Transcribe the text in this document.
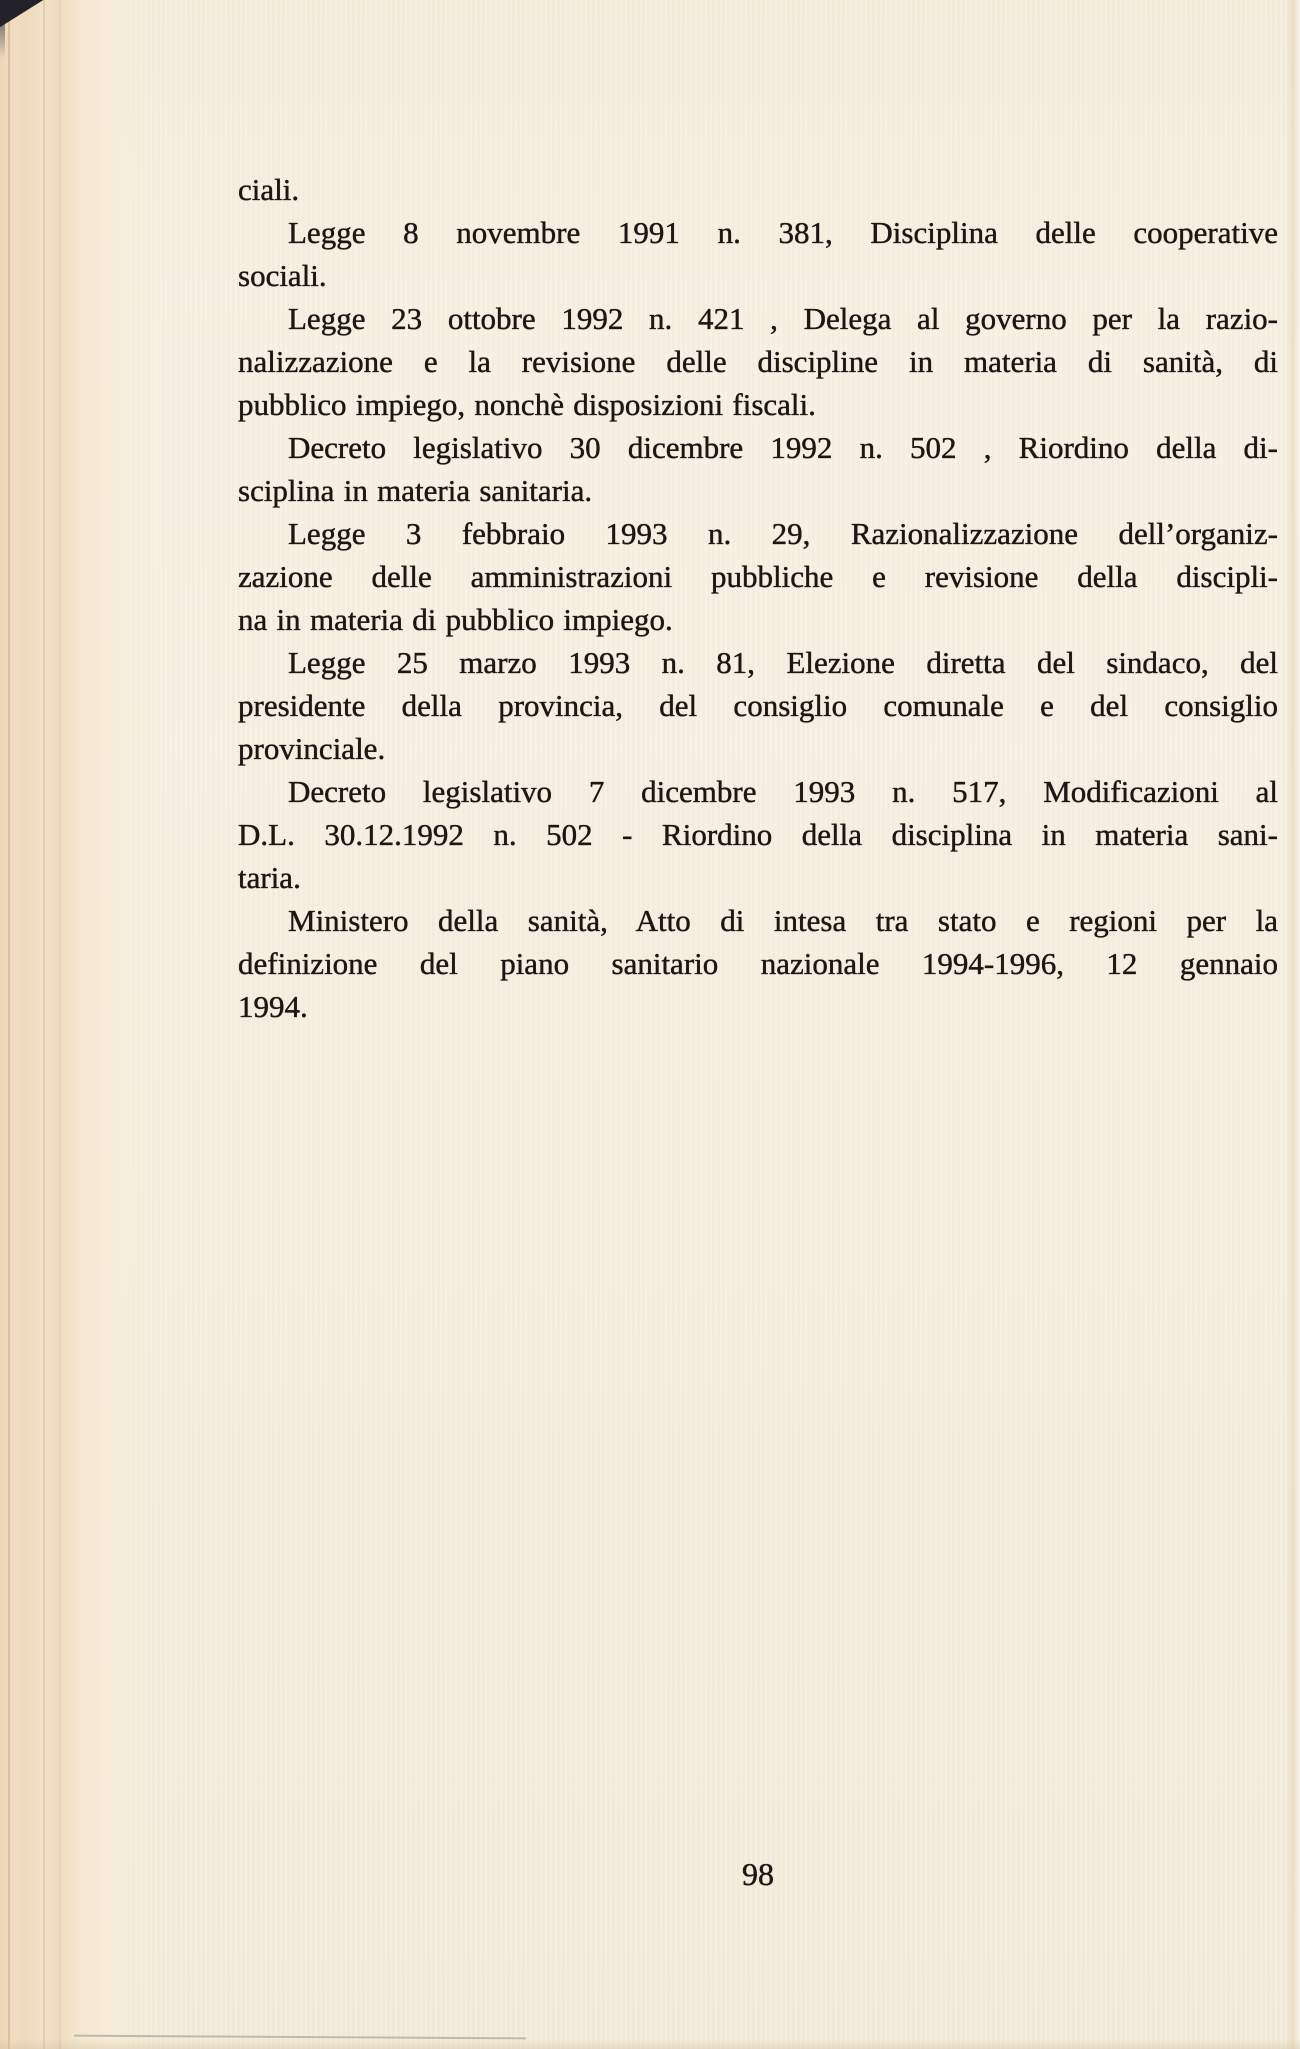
ciali.
Legge 8 novembre 1991 n. 381, Disciplina delle cooperative
sociali.
Legge 23 ottobre 1992 n. 421 , Delega al governo per la razio-
nalizzazione e la revisione delle discipline in materia di sanità, di
pubblico impiego, nonchè disposizioni fiscali.
Decreto legislativo 30 dicembre 1992 n. 502 , Riordino della di-
sciplina in materia sanitaria.
Legge 3 febbraio 1993 n. 29, Razionalizzazione dell’organiz-
zazione delle amministrazioni pubbliche e revisione della discipli-
na in materia di pubblico impiego.
Legge 25 marzo 1993 n. 81, Elezione diretta del sindaco, del
presidente della provincia, del consiglio comunale e del consiglio
provinciale.
Decreto legislativo 7 dicembre 1993 n. 517, Modificazioni al
D.L. 30.12.1992 n. 502 - Riordino della disciplina in materia sani-
taria.
Ministero della sanità, Atto di intesa tra stato e regioni per la
definizione del piano sanitario nazionale 1994-1996, 12 gennaio
1994.
98
